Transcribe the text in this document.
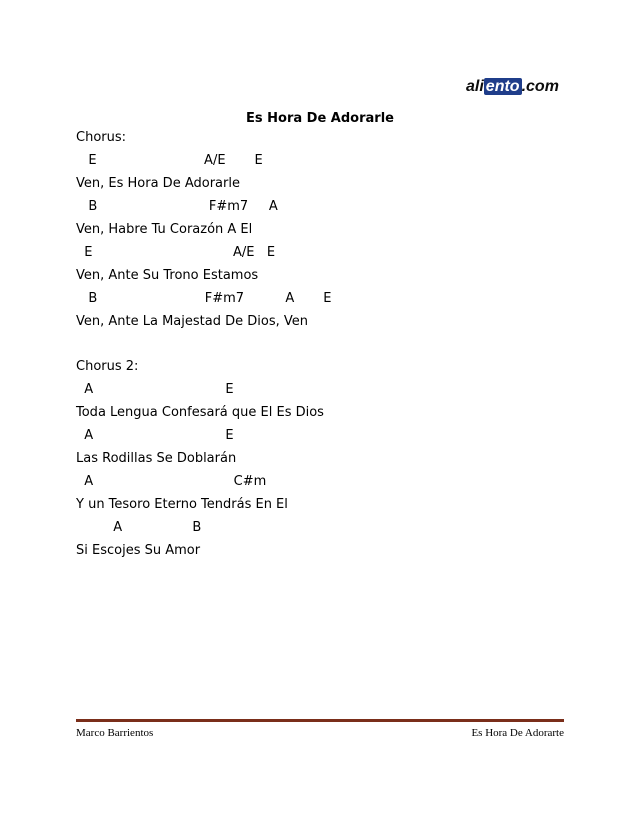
ali ento .com
Es Hora De Adorarle
Chorus:
E                          A/E       E
Ven, Es Hora De Adorarle
B                           F#m7     A
Ven, Habre Tu Corazón A El
E                                  A/E   E
Ven, Ante Su Trono Estamos
B                          F#m7          A       E
Ven, Ante La Majestad De Dios, Ven
Chorus 2:
A                                E
Toda Lengua Confesará que El Es Dios
A                                E
Las Rodillas Se Doblarán
A                                  C#m
Y un Tesoro Eterno Tendrás En El
A                 B
Si Escojes Su Amor
Marco Barrientos	Es Hora De Adorarte
